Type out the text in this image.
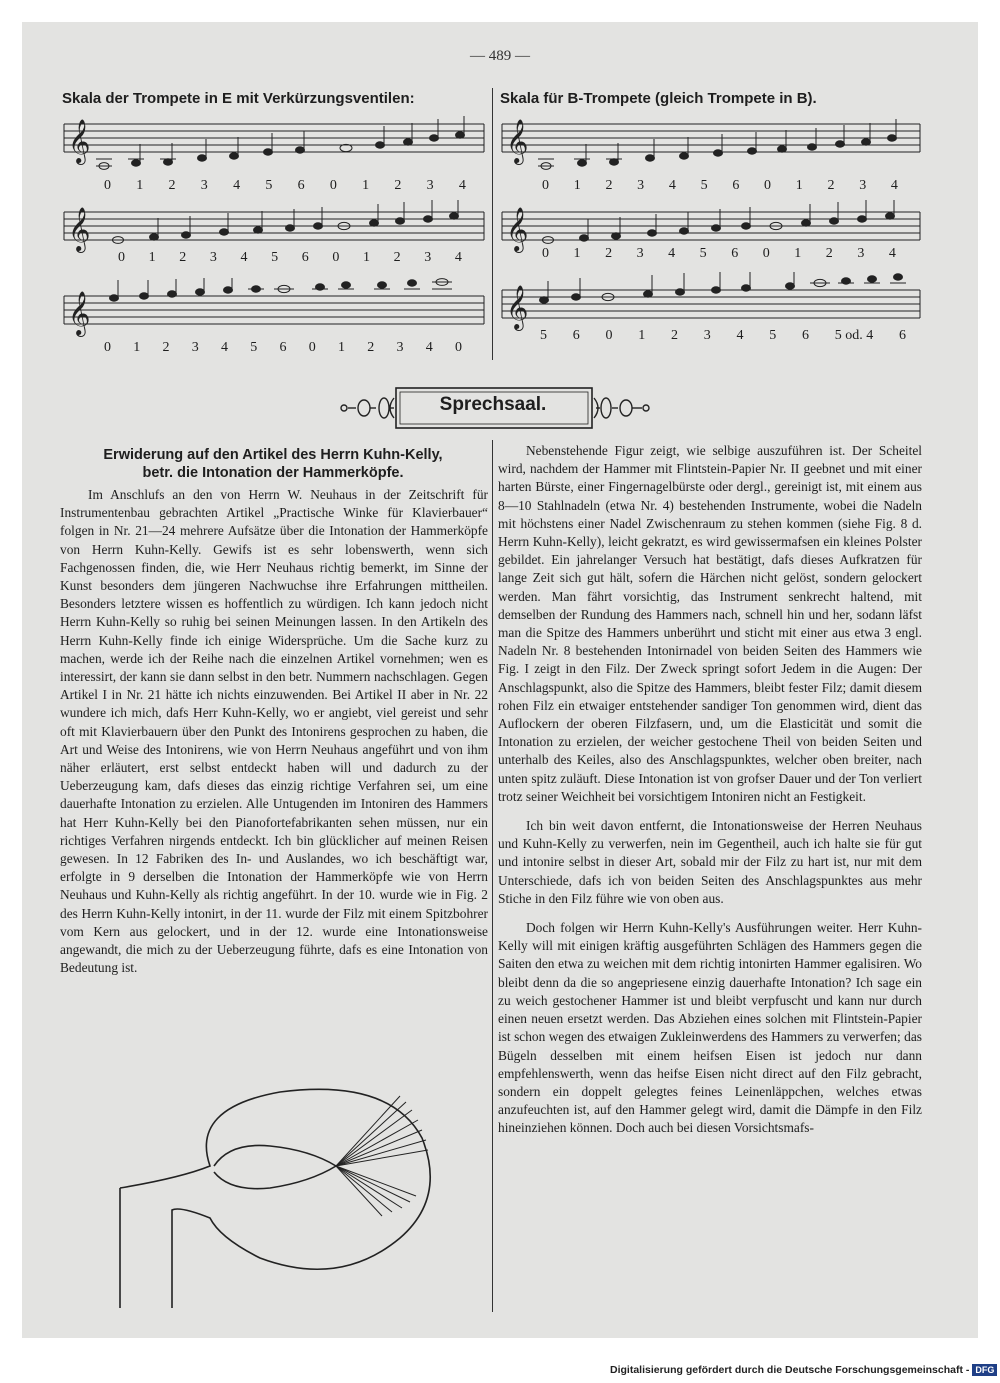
— 489 —
Skala der Trompete in E mit Verkürzungsventilen:	Skala für B-Trompete (gleich Trompete in B).
𝄞
0 1 2 3 4 5 6 0 1 2 3 4
𝄞
0 1 2 3 4 5 6 0 1 2 3 4
𝄞
0 1 2 3 4 5 6 0 1 2 3 4 0
𝄞
0 1 2 3 4 5 6 0 1 2 3 4
𝄞
0 1 2 3 4 5 6 0 1 2 3 4
𝄞
5 6 0 1 2 3 4 5 6 5 od. 4 6
Sprechsaal.
Erwiderung auf den Artikel des Herrn Kuhn-Kelly,
betr. die Intonation der Hammerköpfe.

Im Anschlufs an den von Herrn W. Neuhaus in der Zeitschrift für Instrumentenbau gebrachten Artikel „Practische Winke für Klavierbauer“ folgen in Nr. 21—24 mehrere Aufsätze über die Intonation der Hammerköpfe von Herrn Kuhn-Kelly. Gewifs ist es sehr lobenswerth, wenn sich Fachgenossen finden, die, wie Herr Neuhaus richtig bemerkt, im Sinne der Kunst besonders dem jüngeren Nachwuchse ihre Erfahrungen mittheilen. Besonders letztere wissen es hoffentlich zu würdigen. Ich kann jedoch nicht Herrn Kuhn-Kelly so ruhig bei seinen Meinungen lassen. In den Artikeln des Herrn Kuhn-Kelly finde ich einige Widersprüche. Um die Sache kurz zu machen, werde ich der Reihe nach die einzelnen Artikel vornehmen; wen es interessirt, der kann sie dann selbst in den betr. Nummern nachschlagen. Gegen Artikel I in Nr. 21 hätte ich nichts einzuwenden. Bei Artikel II aber in Nr. 22 wundere ich mich, dafs Herr Kuhn-Kelly, wo er angiebt, viel gereist und sehr oft mit Klavierbauern über den Punkt des Intonirens gesprochen zu haben, die Art und Weise des Intonirens, wie von Herrn Neuhaus angeführt und von ihm näher erläutert, erst selbst entdeckt haben will und dadurch zu der Ueberzeugung kam, dafs dieses das einzig richtige Verfahren sei, um eine dauerhafte Intonation zu erzielen. Alle Untugenden im Intoniren des Hammers hat Herr Kuhn-Kelly bei den Pianofortefabrikanten sehen müssen, nur ein richtiges Verfahren nirgends entdeckt. Ich bin glücklicher auf meinen Reisen gewesen. In 12 Fabriken des In- und Auslandes, wo ich beschäftigt war, erfolgte in 9 derselben die Intonation der Hammerköpfe wie von Herrn Neuhaus und Kuhn-Kelly als richtig angeführt. In der 10. wurde wie in Fig. 2 des Herrn Kuhn-Kelly intonirt, in der 11. wurde der Filz mit einem Spitzbohrer vom Kern aus gelockert, und in der 12. wurde eine Intonationsweise angewandt, die mich zu der Ueberzeugung führte, dafs es eine Intonation von Bedeutung ist.

Nebenstehende Figur zeigt, wie selbige auszuführen ist. Der Scheitel wird, nachdem der Hammer mit Flintstein-Papier Nr. II geebnet und mit einer harten Bürste, einer Fingernagelbürste oder dergl., gereinigt ist, mit einem aus 8—10 Stahlnadeln (etwa Nr. 4) bestehenden Instrumente, wobei die Nadeln mit höchstens einer Nadel Zwischenraum zu stehen kommen (siehe Fig. 8 d. Herrn Kuhn-Kelly), leicht gekratzt, es wird gewissermafsen ein kleines Polster gebildet. Ein jahrelanger Versuch hat bestätigt, dafs dieses Aufkratzen für lange Zeit sich gut hält, sofern die Härchen nicht gelöst, sondern gelockert werden. Man fährt vorsichtig, das Instrument senkrecht haltend, mit demselben der Rundung des Hammers nach, schnell hin und her, sodann läfst man die Spitze des Hammers unberührt und sticht mit einer aus etwa 3 engl. Nadeln Nr. 8 bestehenden Intonirnadel von beiden Seiten des Hammers wie Fig. I zeigt in den Filz. Der Zweck springt sofort Jedem in die Augen: Der Anschlagspunkt, also die Spitze des Hammers, bleibt fester Filz; damit diesem rohen Filz ein etwaiger entstehender sandiger Ton genommen wird, dient das Auflockern der oberen Filzfasern, und, um die Elasticität und somit die Intonation zu erzielen, der weicher gestochene Theil von beiden Seiten und unterhalb des Keiles, also des Anschlagspunktes, welcher oben breiter, nach unten spitz zuläuft. Diese Intonation ist von grofser Dauer und der Ton verliert trotz seiner Weichheit bei vorsichtigem Intoniren nicht an Festigkeit.

Ich bin weit davon entfernt, die Intonationsweise der Herren Neuhaus und Kuhn-Kelly zu verwerfen, nein im Gegentheil, auch ich halte sie für gut und intonire selbst in dieser Art, sobald mir der Filz zu hart ist, nur mit dem Unterschiede, dafs ich von beiden Seiten des Anschlagspunktes aus mehr Stiche in den Filz führe wie von oben aus.

Doch folgen wir Herrn Kuhn-Kelly's Ausführungen weiter. Herr Kuhn-Kelly will mit einigen kräftig ausgeführten Schlägen des Hammers gegen die Saiten den etwa zu weichen mit dem richtig intonirten Hammer egalisiren. Wo bleibt denn da die so angepriesene einzig dauerhafte Intonation? Ich sage ein zu weich gestochener Hammer ist und bleibt verpfuscht und kann nur durch einen neuen ersetzt werden. Das Abziehen eines solchen mit Flintstein-Papier ist schon wegen des etwaigen Zukleinwerdens des Hammers zu verwerfen; das Bügeln desselben mit einem heifsen Eisen ist jedoch nur dann empfehlenswerth, wenn das heifse Eisen nicht direct auf den Filz gebracht, sondern ein doppelt gelegtes feines Leinenläppchen, welches etwas anzufeuchten ist, auf den Hammer gelegt wird, damit die Dämpfe in den Filz hineinziehen können. Doch auch bei diesen Vorsichtsmafs-

Digitalisierung gefördert durch die Deutsche Forschungsgemeinschaft - DFG
